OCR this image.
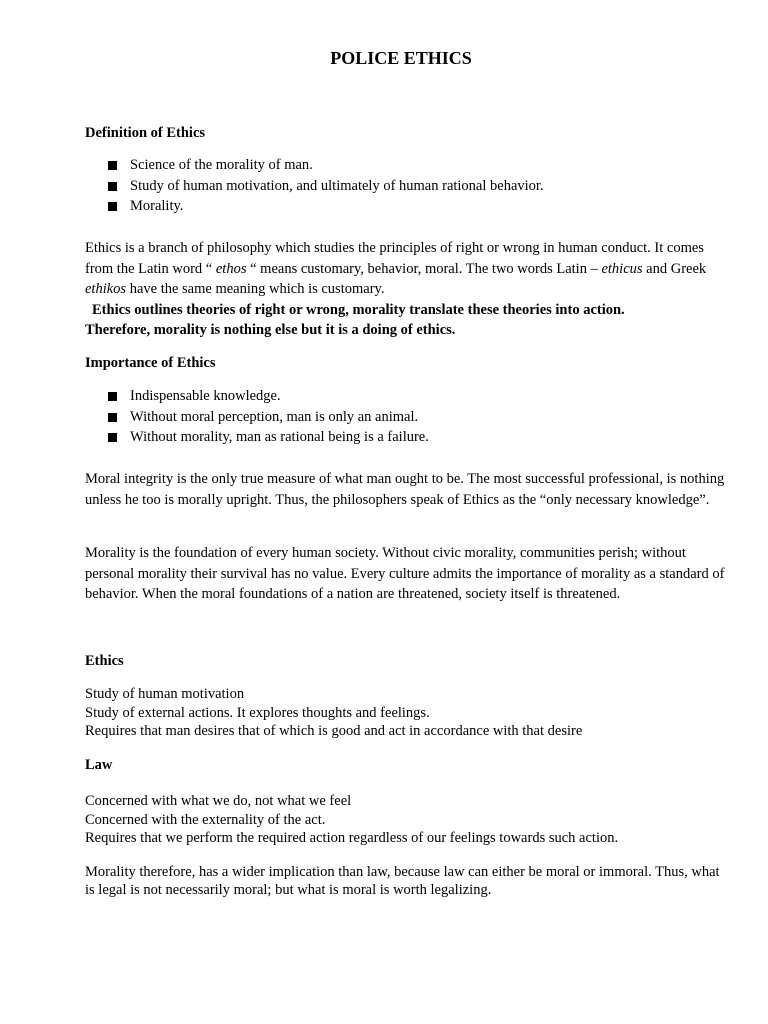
POLICE ETHICS
Definition of Ethics
Science of the morality of man.
Study of human motivation, and ultimately of human rational behavior.
Morality.
Ethics is a branch of philosophy which studies the principles of right or wrong in human conduct. It comes from the Latin word “ ethos “ means customary, behavior, moral. The two words Latin – ethicus and Greek ethikos have the same meaning which is customary.
Ethics outlines theories of right or wrong, morality translate these theories into action.
Therefore, morality is nothing else but it is a doing of ethics.
Importance of Ethics
Indispensable knowledge.
Without moral perception, man is only an animal.
Without morality, man as rational being is a failure.
Moral integrity is the only true measure of what man ought to be. The most successful professional, is nothing unless he too is morally upright. Thus, the philosophers speak of Ethics as the “only necessary knowledge”.
Morality is the foundation of every human society. Without civic morality, communities perish; without personal morality their survival has no value. Every culture admits the importance of morality as a standard of behavior. When the moral foundations of a nation are threatened, society itself is threatened.
Ethics
Study of human motivation
Study of external actions. It explores thoughts and feelings.
Requires that man desires that of which is good and act in accordance with that desire
Law
Concerned with what we do, not what we feel
Concerned with the externality of the act.
Requires that we perform the required action regardless of our feelings towards such action.
Morality therefore, has a wider implication than law, because law can either be moral or immoral. Thus, what is legal is not necessarily moral; but what is moral is worth legalizing.
